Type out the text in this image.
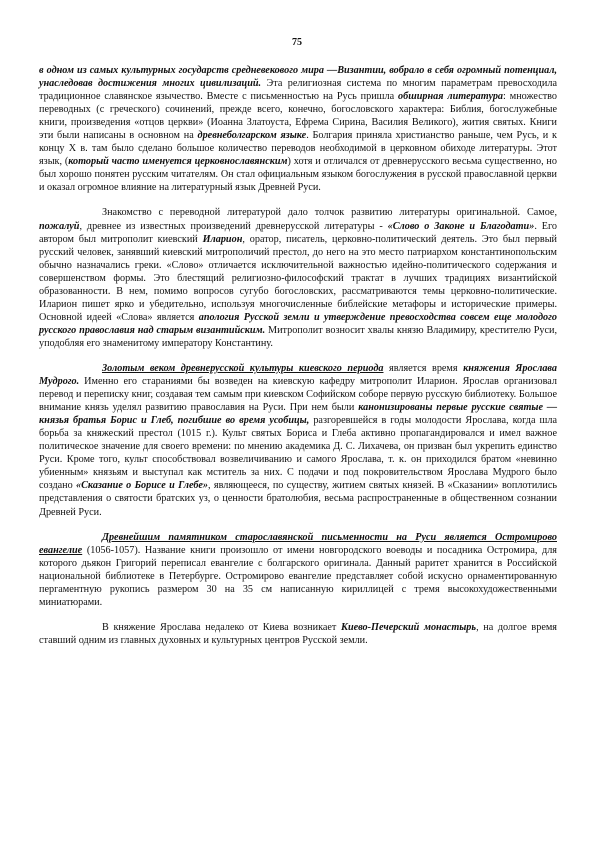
75

в одном из самых культурных государств средневекового мира —Византии, вобрало в себя огромный потенциал, унаследовав достижения многих цивилизаций. Эта религиозная система по многим параметрам превосходила традиционное славянское язычество. Вместе с письменностью на Русь пришла обширная литература: множество переводных (с греческого) сочинений, прежде всего, конечно, богословского характера: Библия, богослужебные книги, произведения «отцов церкви» (Иоанна Златоуста, Ефрема Сирина, Василия Великого), жития святых. Книги эти были написаны в основном на древнеболгарском языке. Болгария приняла христианство раньше, чем Русь, и к концу X в. там было сделано большое количество переводов необходимой в церковном обиходе литературы. Этот язык, (который часто именуется церковнославянским) хотя и отличался от древнерусского весьма существенно, но был хорошо понятен русским читателям. Он стал официальным языком богослужения в русской православной церкви и оказал огромное влияние на литературный язык Древней Руси.

Знакомство с переводной литературой дало толчок развитию литературы оригинальной. Самое, пожалуй, древнее из известных произведений древнерусской литературы - «Слово о Законе и Благодати». Его автором был митрополит киевский Иларион, оратор, писатель, церковно-политический деятель. Это был первый русский человек, занявший киевский митрополичий престол, до него на это место патриархом константинопольским обычно назначались греки. «Слово» отличается исключительной важностью идейно-политического содержания и совершенством формы. Это блестящий религиозно-философский трактат в лучших традициях византийской образованности. В нем, помимо вопросов сугубо богословских, рассматриваются темы церковно-политические. Иларион пишет ярко и убедительно, используя многочисленные библейские метафоры и исторические примеры. Основной идеей «Слова» является апология Русской земли и утверждение превосходства совсем еще молодого русского православия над старым византийским. Митрополит возносит хвалы князю Владимиру, крестителю Руси, уподобляя его знаменитому императору Константину.

Золотым веком древнерусской культуры киевского периода является время княжения Ярослава Мудрого. Именно его стараниями бы возведен на киевскую кафедру митрополит Иларион. Ярослав организовал перевод и переписку книг, создавая тем самым при киевском Софийском соборе первую русскую библиотеку. Большое внимание князь уделял развитию православия на Руси. При нем были канонизированы первые русские святые —князья братья Борис и Глеб, погибшие во время усобицы, разгоревшейся в годы молодости Ярослава, когда шла борьба за княжеский престол (1015 г.). Культ святых Бориса и Глеба активно пропагандировался и имел важное политическое значение для своего времени: по мнению академика Д. С. Лихачева, он призван был укрепить единство Руси. Кроме того, культ способствовал возвеличиванию и самого Ярослава, т. к. он приходился братом «невинно убиенным» князьям и выступал как мститель за них. С подачи и под покровительством Ярослава Мудрого было создано «Сказание о Борисе и Глебе», являющееся, по существу, житием святых князей. В «Сказании» воплотились представления о святости братских уз, о ценности братолюбия, весьма распространенные в общественном сознании Древней Руси.

Древнейшим памятником старославянской письменности на Руси является Остромирово евангелие (1056-1057). Название книги произошло от имени новгородского воеводы и посадника Остромира, для которого дьякон Григорий переписал евангелие с болгарского оригинала. Данный раритет хранится в Российской национальной библиотеке в Петербурге. Остромирово евангелие представляет собой искусно орнаментированную пергаментную рукопись размером 30 на 35 см написанную кириллицей с тремя высокохудожественными миниатюрами.

В княжение Ярослава недалеко от Киева возникает Киево-Печерский монастырь, на долгое время ставший одним из главных духовных и культурных центров Русской земли.
